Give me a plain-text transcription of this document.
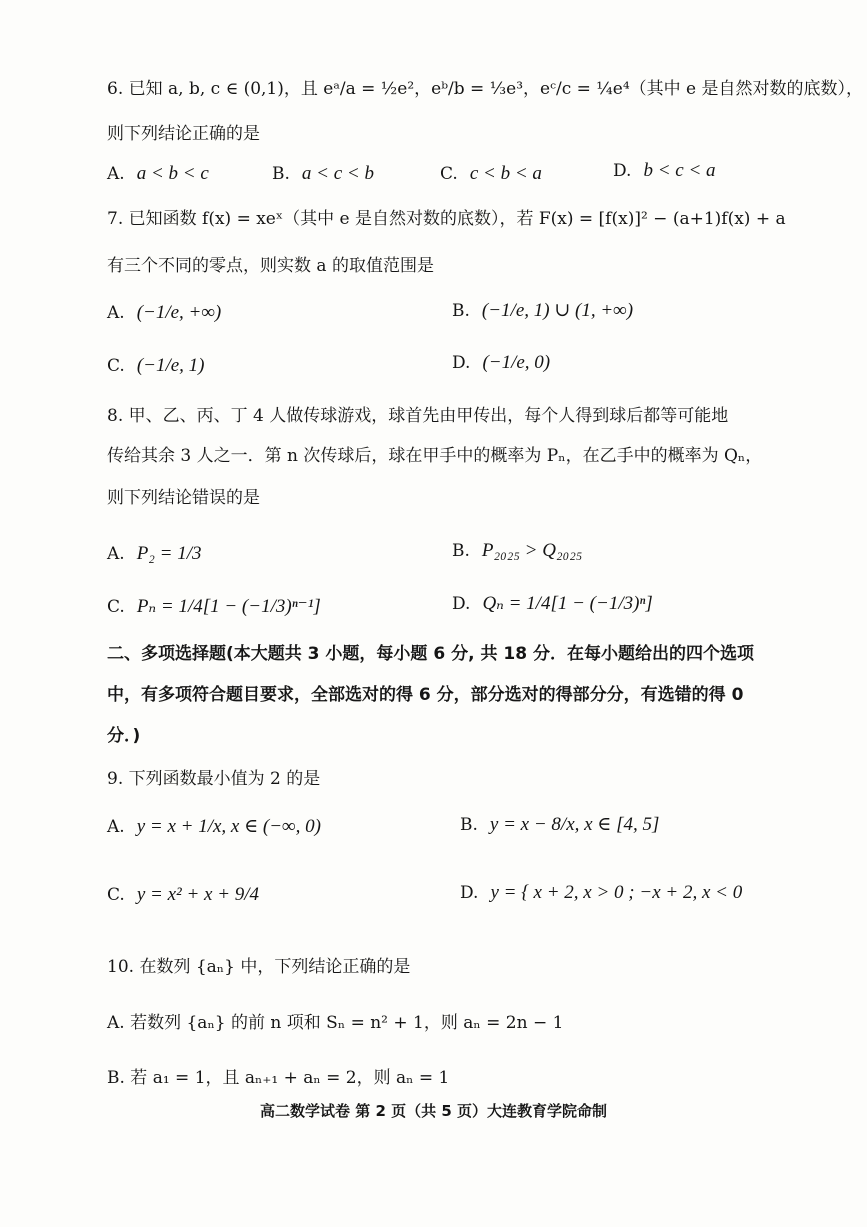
6. 已知 a, b, c ∈ (0,1)，且 eᵃ/a = ½e²，eᵇ/b = ⅓e³，eᶜ/c = ¼e⁴（其中 e 是自然对数的底数），
则下列结论正确的是
A. a < b < c	B. a < c < b	C. c < b < a	D. b < c < a
7. 已知函数 f(x) = xeˣ（其中 e 是自然对数的底数），若 F(x) = [f(x)]² − (a+1)f(x) + a
有三个不同的零点，则实数 a 的取值范围是
A. (−1/e, +∞)	B. (−1/e, 1) ∪ (1, +∞)
C. (−1/e, 1)	D. (−1/e, 0)
8. 甲、乙、丙、丁 4 人做传球游戏，球首先由甲传出，每个人得到球后都等可能地
传给其余 3 人之一．第 n 次传球后，球在甲手中的概率为 Pₙ，在乙手中的概率为 Qₙ，
则下列结论错误的是
A. P₂ = 1/3	B. P₂₀₂₅ > Q₂₀₂₅
C. Pₙ = 1/4[1 − (−1/3)ⁿ⁻¹]	D. Qₙ = 1/4[1 − (−1/3)ⁿ]
二、多项选择题(本大题共 3 小题，每小题 6 分, 共 18 分．在每小题给出的四个选项
中，有多项符合题目要求，全部选对的得 6 分，部分选对的得部分分，有选错的得 0
分．)
9. 下列函数最小值为 2 的是
A. y = x + 1/x, x ∈ (−∞, 0)	B. y = x − 8/x, x ∈ [4, 5]
C. y = x² + x + 9/4	D. y = { x + 2, x > 0 ; −x + 2, x < 0
10. 在数列 {aₙ} 中，下列结论正确的是
A. 若数列 {aₙ} 的前 n 项和 Sₙ = n² + 1，则 aₙ = 2n − 1
B. 若 a₁ = 1，且 aₙ₊₁ + aₙ = 2，则 aₙ = 1
高二数学试卷 第 2 页（共 5 页）大连教育学院命制
